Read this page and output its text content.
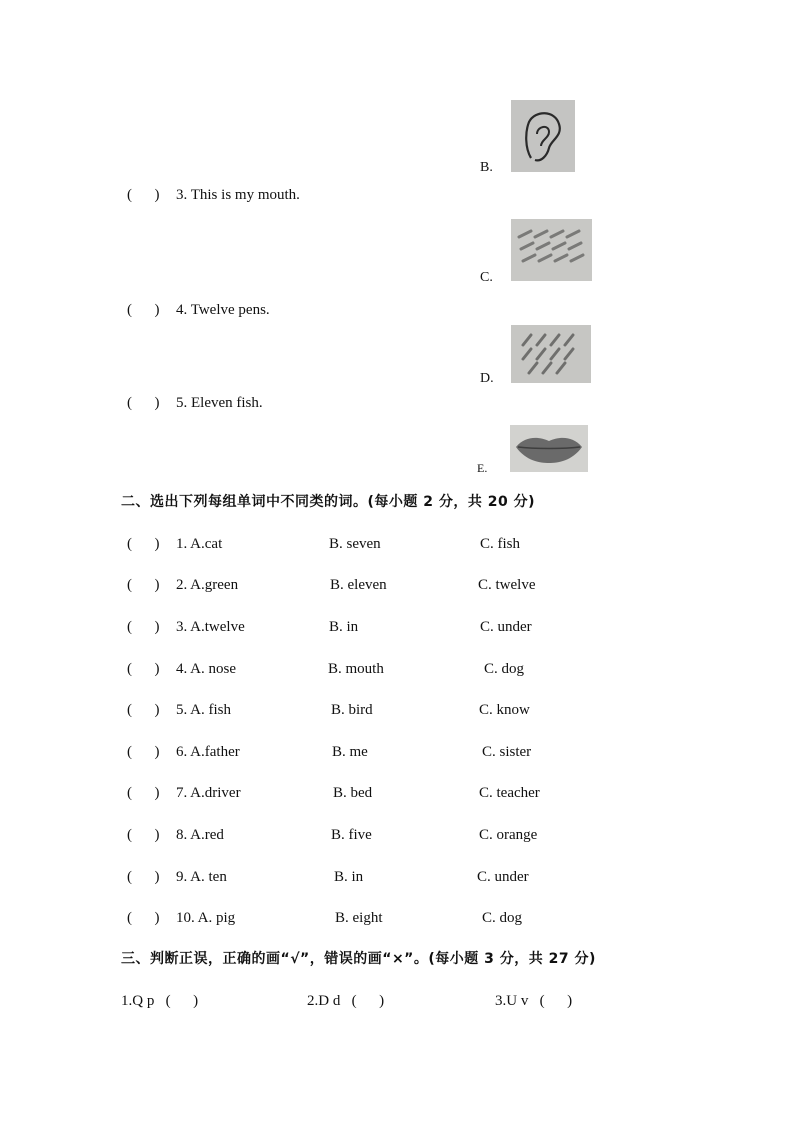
(      ) 3. This is my mouth.
(      ) 4. Twelve pens.
(      ) 5. Eleven fish.
B.
C.
D.
E.
二、选出下列每组单词中不同类的词。(每小题 2 分，共 20 分)
(      ) 1. A.cat	B. seven	C. fish
(      ) 2. A.green	B. eleven	C. twelve
(      ) 3. A.twelve	B. in	C. under
(      ) 4. A. nose	B. mouth	C. dog
(      ) 5. A. fish	B. bird	C. know
(      ) 6. A.father	B. me	C. sister
(      ) 7. A.driver	B. bed	C. teacher
(      ) 8. A.red	B. five	C. orange
(      ) 9. A. ten	B. in	C. under
(      ) 10. A. pig	B. eight	C. dog
三、判断正误，正确的画“√”，错误的画“×”。(每小题 3 分，共 27 分)
1.Q p   (      )	2.D d   (      )	3.U v   (      )
